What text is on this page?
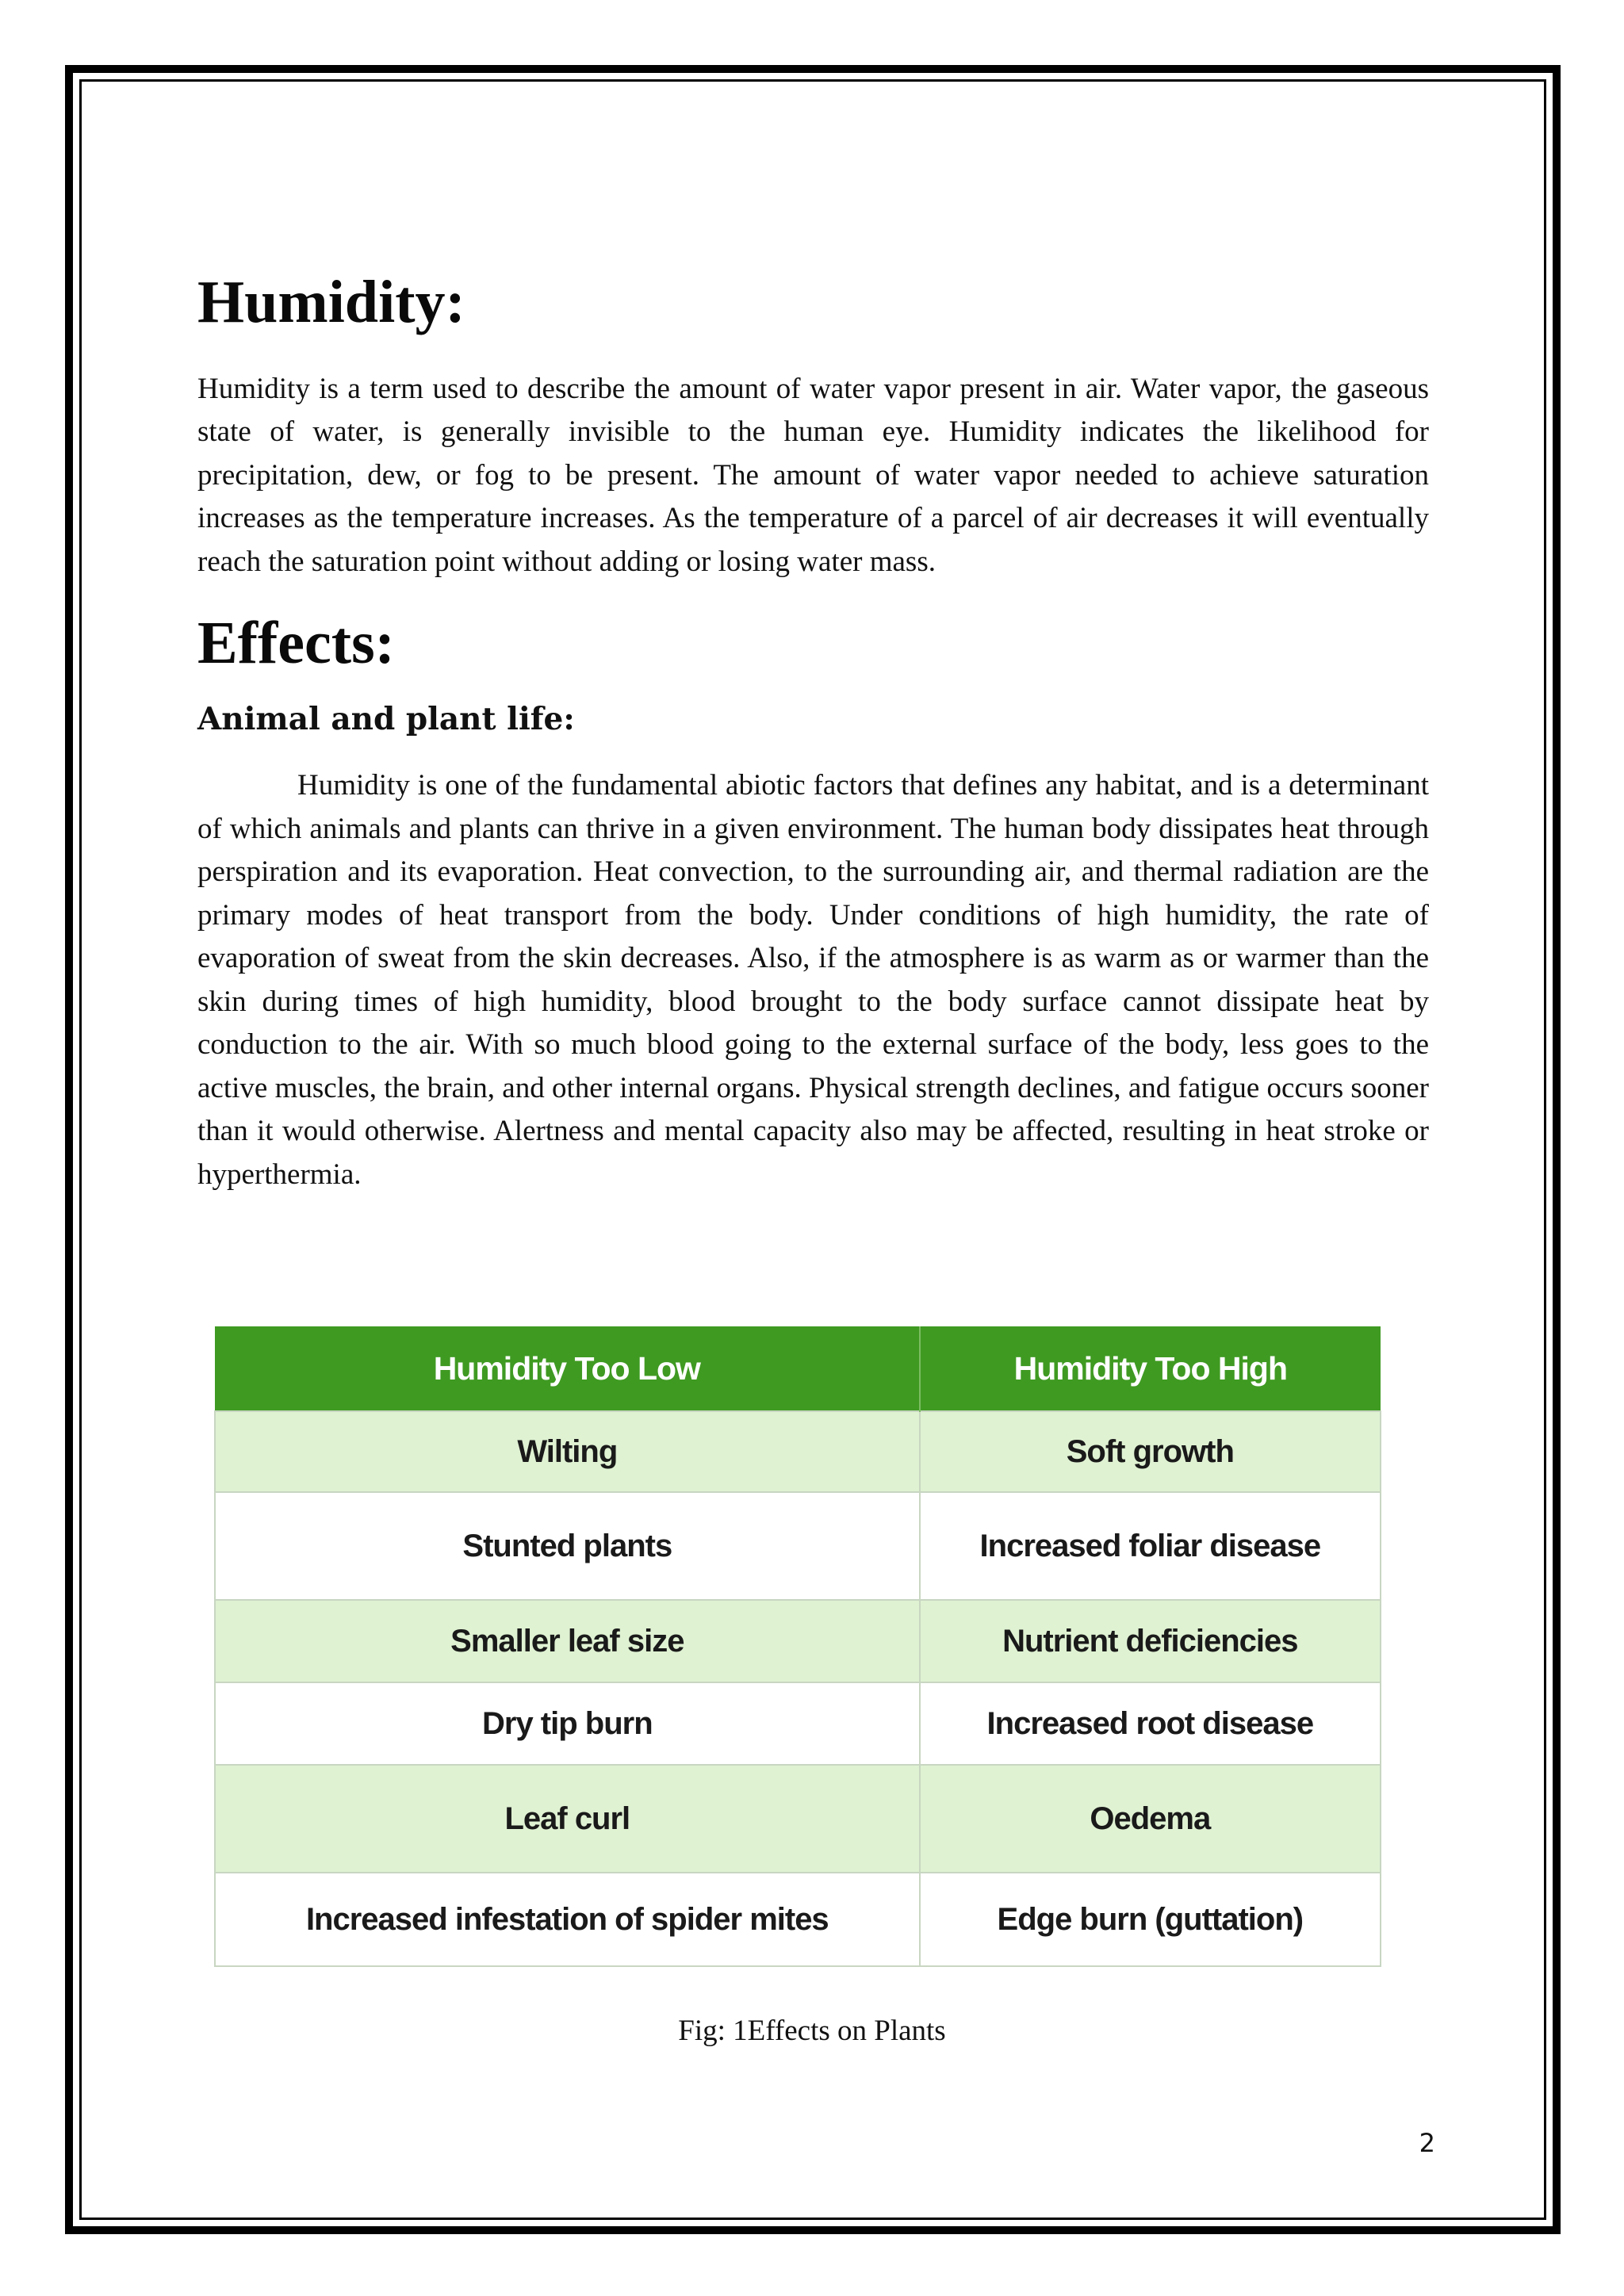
Humidity:

Humidity is a term used to describe the amount of water vapor present in air. Water vapor, the gaseous state of water, is generally invisible to the human eye. Humidity indicates the likelihood for precipitation, dew, or fog to be present. The amount of water vapor needed to achieve saturation increases as the temperature increases. As the temperature of a parcel of air decreases it will eventually reach the saturation point without adding or losing water mass.

Effects:
Animal and plant life:

Humidity is one of the fundamental abiotic factors that defines any habitat, and is a determinant of which animals and plants can thrive in a given environment. The human body dissipates heat through perspiration and its evaporation. Heat convection, to the surrounding air, and thermal radiation are the primary modes of heat transport from the body. Under conditions of high humidity, the rate of evaporation of sweat from the skin decreases. Also, if the atmosphere is as warm as or warmer than the skin during times of high humidity, blood brought to the body surface cannot dissipate heat by conduction to the air. With so much blood going to the external surface of the body, less goes to the active muscles, the brain, and other internal organs. Physical strength declines, and fatigue occurs sooner than it would otherwise. Alertness and mental capacity also may be affected, resulting in heat stroke or hyperthermia.

Humidity Too Low	Humidity Too High
Wilting	Soft growth
Stunted plants	Increased foliar disease
Smaller leaf size	Nutrient deficiencies
Dry tip burn	Increased root disease
Leaf curl	Oedema
Increased infestation of spider mites	Edge burn (guttation)
Fig: 1Effects on Plants
2
